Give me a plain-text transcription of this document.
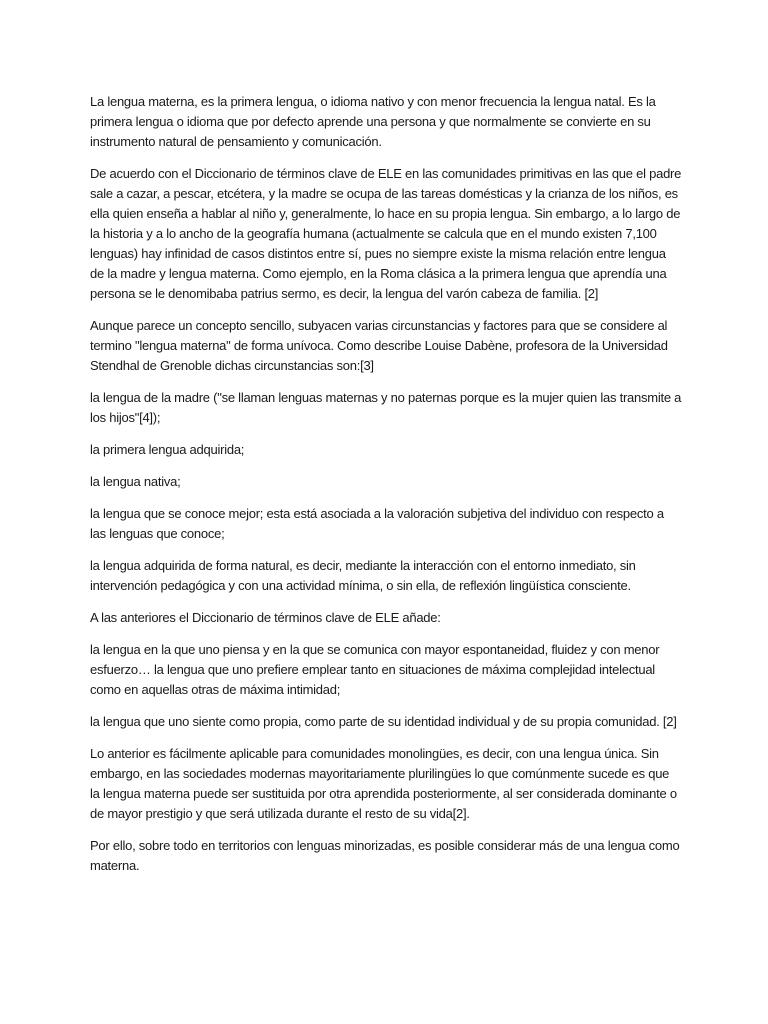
La lengua materna, es la primera lengua, o idioma nativo y con menor frecuencia la lengua natal. Es la primera lengua o idioma que por defecto aprende una persona y que normalmente se convierte en su instrumento natural de pensamiento y comunicación.

De acuerdo con el Diccionario de términos clave de ELE en las comunidades primitivas en las que el padre sale a cazar, a pescar, etcétera, y la madre se ocupa de las tareas domésticas y la crianza de los niños, es ella quien enseña a hablar al niño y, generalmente, lo hace en su propia lengua. Sin embargo, a lo largo de la historia y a lo ancho de la geografía humana (actualmente se calcula que en el mundo existen 7,100 lenguas) hay infinidad de casos distintos entre sí, pues no siempre existe la misma relación entre lengua de la madre y lengua materna. Como ejemplo, en la Roma clásica a la primera lengua que aprendía una persona se le denomibaba patrius sermo, es decir, la lengua del varón cabeza de familia. [2]

Aunque parece un concepto sencillo, subyacen varias circunstancias y factores para que se considere al termino "lengua materna" de forma unívoca. Como describe Louise Dabène, profesora de la Universidad Stendhal de Grenoble dichas circunstancias son:[3]

la lengua de la madre ("se llaman lenguas maternas y no paternas porque es la mujer quien las transmite a los hijos"[4]);

la primera lengua adquirida;

la lengua nativa;

la lengua que se conoce mejor; esta está asociada a la valoración subjetiva del individuo con respecto a las lenguas que conoce;

la lengua adquirida de forma natural, es decir, mediante la interacción con el entorno inmediato, sin intervención pedagógica y con una actividad mínima, o sin ella, de reflexión lingüística consciente.

A las anteriores el Diccionario de términos clave de ELE añade:

la lengua en la que uno piensa y en la que se comunica con mayor espontaneidad, fluidez y con menor esfuerzo… la lengua que uno prefiere emplear tanto en situaciones de máxima complejidad intelectual como en aquellas otras de máxima intimidad;

la lengua que uno siente como propia, como parte de su identidad individual y de su propia comunidad. [2]

Lo anterior es fácilmente aplicable para comunidades monolingües, es decir, con una lengua única. Sin embargo, en las sociedades modernas mayoritariamente plurilingües lo que comúnmente sucede es que la lengua materna puede ser sustituida por otra aprendida posteriormente, al ser considerada dominante o de mayor prestigio y que será utilizada durante el resto de su vida[2].

Por ello, sobre todo en territorios con lenguas minorizadas, es posible considerar más de una lengua como materna.
